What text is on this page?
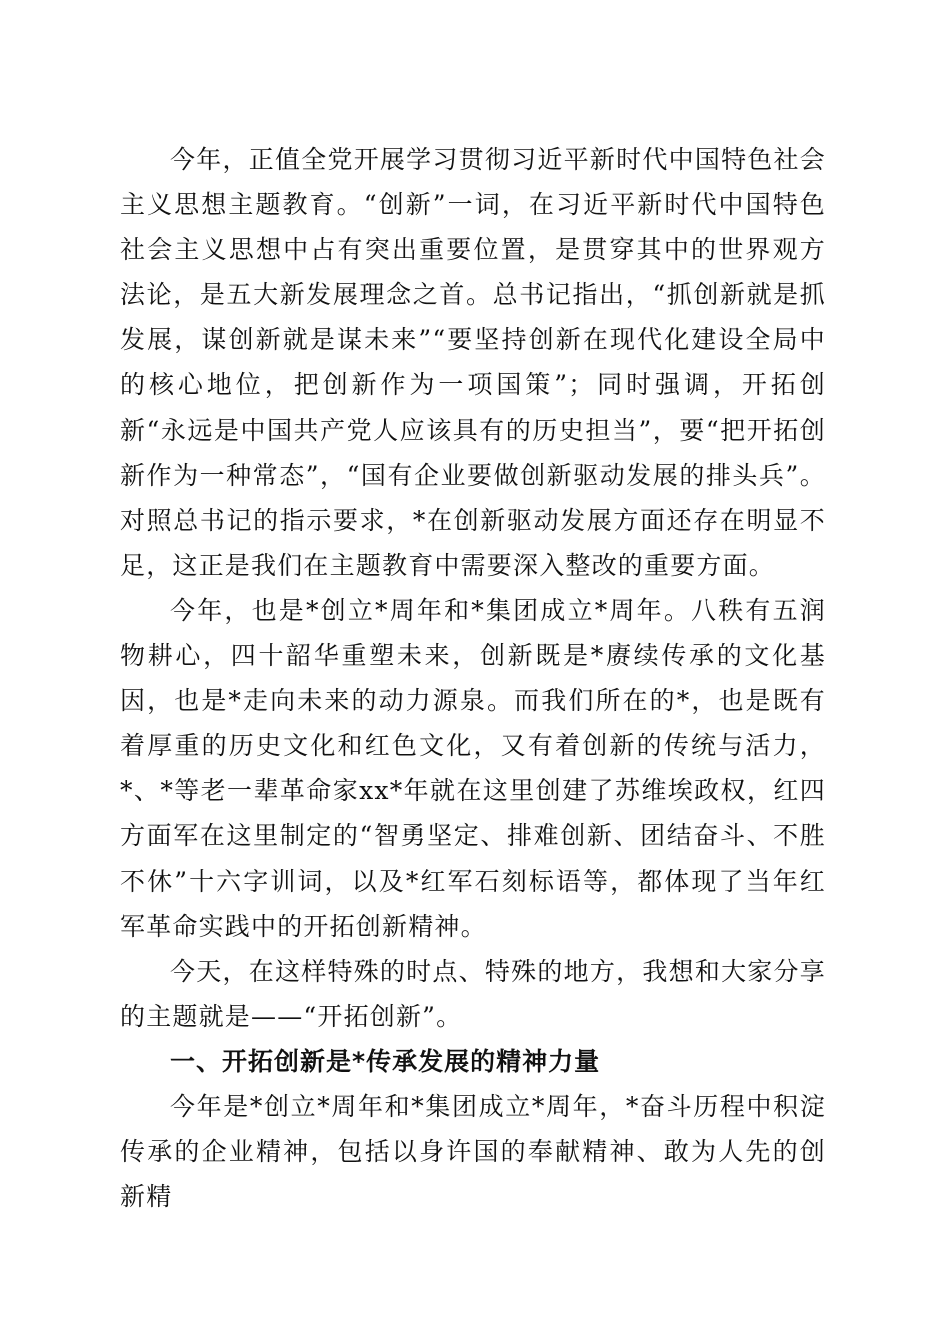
今年，正值全党开展学习贯彻习近平新时代中国特色社会主义思想主题教育。“创新”一词，在习近平新时代中国特色社会主义思想中占有突出重要位置，是贯穿其中的世界观方法论，是五大新发展理念之首。总书记指出，“抓创新就是抓发展，谋创新就是谋未来”“要坚持创新在现代化建设全局中的核心地位，把创新作为一项国策”；同时强调，开拓创新“永远是中国共产党人应该具有的历史担当”，要“把开拓创新作为一种常态”，“国有企业要做创新驱动发展的排头兵”。对照总书记的指示要求，*在创新驱动发展方面还存在明显不足，这正是我们在主题教育中需要深入整改的重要方面。

今年，也是*创立*周年和*集团成立*周年。八秩有五润物耕心，四十韶华重塑未来，创新既是*赓续传承的文化基因，也是*走向未来的动力源泉。而我们所在的*，也是既有着厚重的历史文化和红色文化，又有着创新的传统与活力，*、*等老一辈革命家xx*年就在这里创建了苏维埃政权，红四方面军在这里制定的“智勇坚定、排难创新、团结奋斗、不胜不休”十六字训词，以及*红军石刻标语等，都体现了当年红军革命实践中的开拓创新精神。

今天，在这样特殊的时点、特殊的地方，我想和大家分享的主题就是——“开拓创新”。

一、开拓创新是*传承发展的精神力量

今年是*创立*周年和*集团成立*周年，*奋斗历程中积淀传承的企业精神，包括以身许国的奉献精神、敢为人先的创新精
